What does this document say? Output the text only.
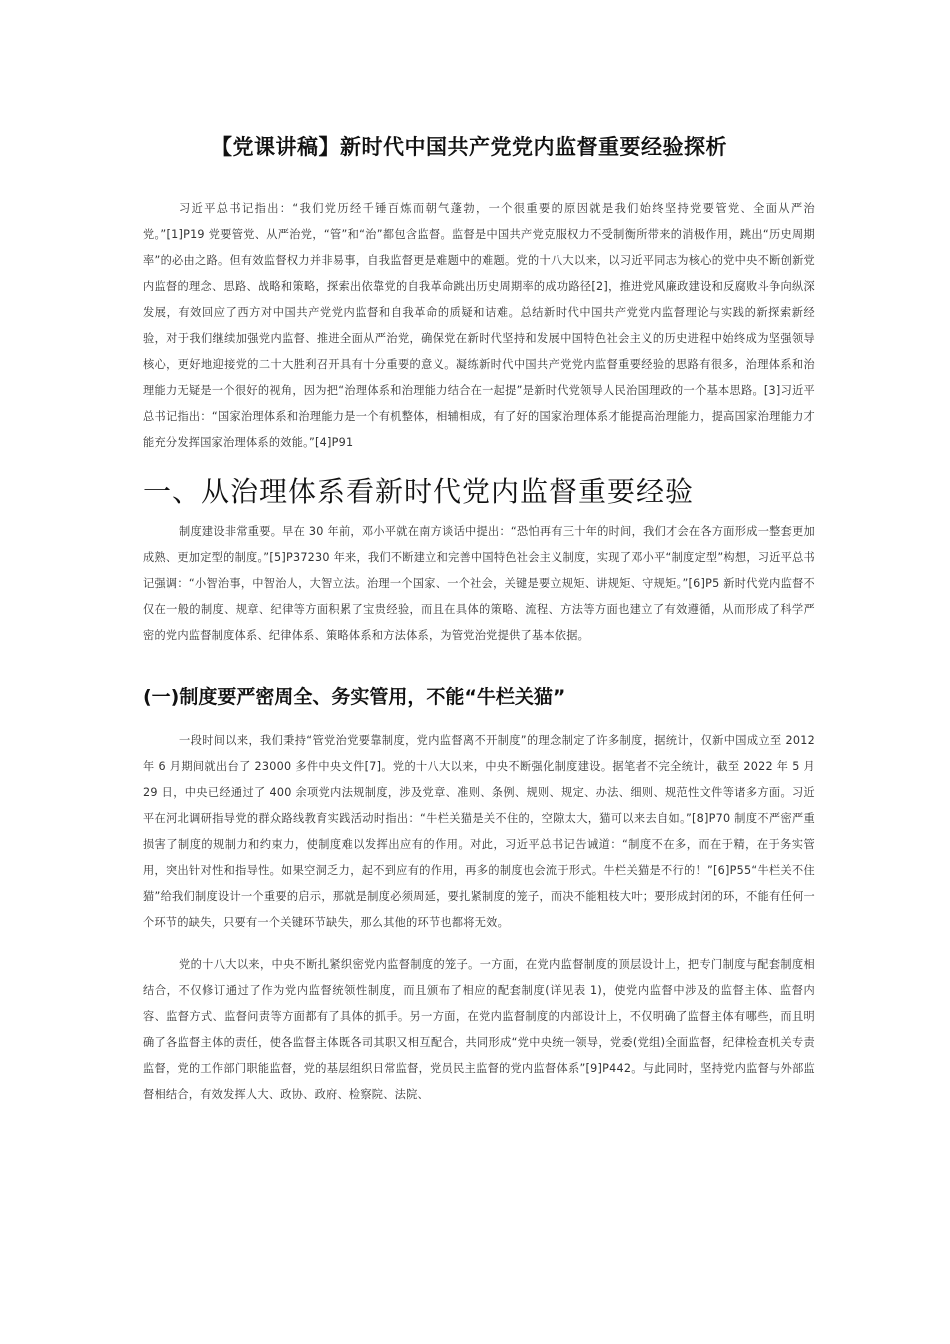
【党课讲稿】新时代中国共产党党内监督重要经验探析

习近平总书记指出：“我们党历经千锤百炼而朝气蓬勃，一个很重要的原因就是我们始终坚持党要管党、全面从严治党。”[1]P19 党要管党、从严治党，“管”和“治”都包含监督。监督是中国共产党克服权力不受制衡所带来的消极作用，跳出“历史周期率”的必由之路。但有效监督权力并非易事，自我监督更是难题中的难题。党的十八大以来，以习近平同志为核心的党中央不断创新党内监督的理念、思路、战略和策略，探索出依靠党的自我革命跳出历史周期率的成功路径[2]，推进党风廉政建设和反腐败斗争向纵深发展，有效回应了西方对中国共产党党内监督和自我革命的质疑和诘难。总结新时代中国共产党党内监督理论与实践的新探索新经验，对于我们继续加强党内监督、推进全面从严治党，确保党在新时代坚持和发展中国特色社会主义的历史进程中始终成为坚强领导核心，更好地迎接党的二十大胜利召开具有十分重要的意义。凝练新时代中国共产党党内监督重要经验的思路有很多，治理体系和治理能力无疑是一个很好的视角，因为把“治理体系和治理能力结合在一起提”是新时代党领导人民治国理政的一个基本思路。[3]习近平总书记指出：“国家治理体系和治理能力是一个有机整体，相辅相成，有了好的国家治理体系才能提高治理能力，提高国家治理能力才能充分发挥国家治理体系的效能。”[4]P91

一、从治理体系看新时代党内监督重要经验

制度建设非常重要。早在 30 年前，邓小平就在南方谈话中提出：“恐怕再有三十年的时间，我们才会在各方面形成一整套更加成熟、更加定型的制度。”[5]P37230 年来，我们不断建立和完善中国特色社会主义制度，实现了邓小平“制度定型”构想，习近平总书记强调：“小智治事，中智治人，大智立法。治理一个国家、一个社会，关键是要立规矩、讲规矩、守规矩。”[6]P5 新时代党内监督不仅在一般的制度、规章、纪律等方面积累了宝贵经验，而且在具体的策略、流程、方法等方面也建立了有效遵循，从而形成了科学严密的党内监督制度体系、纪律体系、策略体系和方法体系，为管党治党提供了基本依据。

(一)制度要严密周全、务实管用，不能“牛栏关猫”

一段时间以来，我们秉持“管党治党要靠制度，党内监督离不开制度”的理念制定了许多制度，据统计，仅新中国成立至 2012 年 6 月期间就出台了 23000 多件中央文件[7]。党的十八大以来，中央不断强化制度建设。据笔者不完全统计，截至 2022 年 5 月 29 日，中央已经通过了 400 余项党内法规制度，涉及党章、准则、条例、规则、规定、办法、细则、规范性文件等诸多方面。习近平在河北调研指导党的群众路线教育实践活动时指出：“牛栏关猫是关不住的，空隙太大，猫可以来去自如。”[8]P70 制度不严密严重损害了制度的规制力和约束力，使制度难以发挥出应有的作用。对此，习近平总书记告诫道：“制度不在多，而在于精，在于务实管用，突出针对性和指导性。如果空洞乏力，起不到应有的作用，再多的制度也会流于形式。牛栏关猫是不行的！”[6]P55“牛栏关不住猫”给我们制度设计一个重要的启示，那就是制度必须周延，要扎紧制度的笼子，而决不能粗枝大叶；要形成封闭的环，不能有任何一个环节的缺失，只要有一个关键环节缺失，那么其他的环节也都将无效。

党的十八大以来，中央不断扎紧织密党内监督制度的笼子。一方面，在党内监督制度的顶层设计上，把专门制度与配套制度相结合，不仅修订通过了作为党内监督统领性制度，而且颁布了相应的配套制度(详见表 1)，使党内监督中涉及的监督主体、监督内容、监督方式、监督问责等方面都有了具体的抓手。另一方面，在党内监督制度的内部设计上，不仅明确了监督主体有哪些，而且明确了各监督主体的责任，使各监督主体既各司其职又相互配合，共同形成“党中央统一领导，党委(党组)全面监督，纪律检查机关专责监督，党的工作部门职能监督，党的基层组织日常监督，党员民主监督的党内监督体系”[9]P442。与此同时，坚持党内监督与外部监督相结合，有效发挥人大、政协、政府、检察院、法院、
